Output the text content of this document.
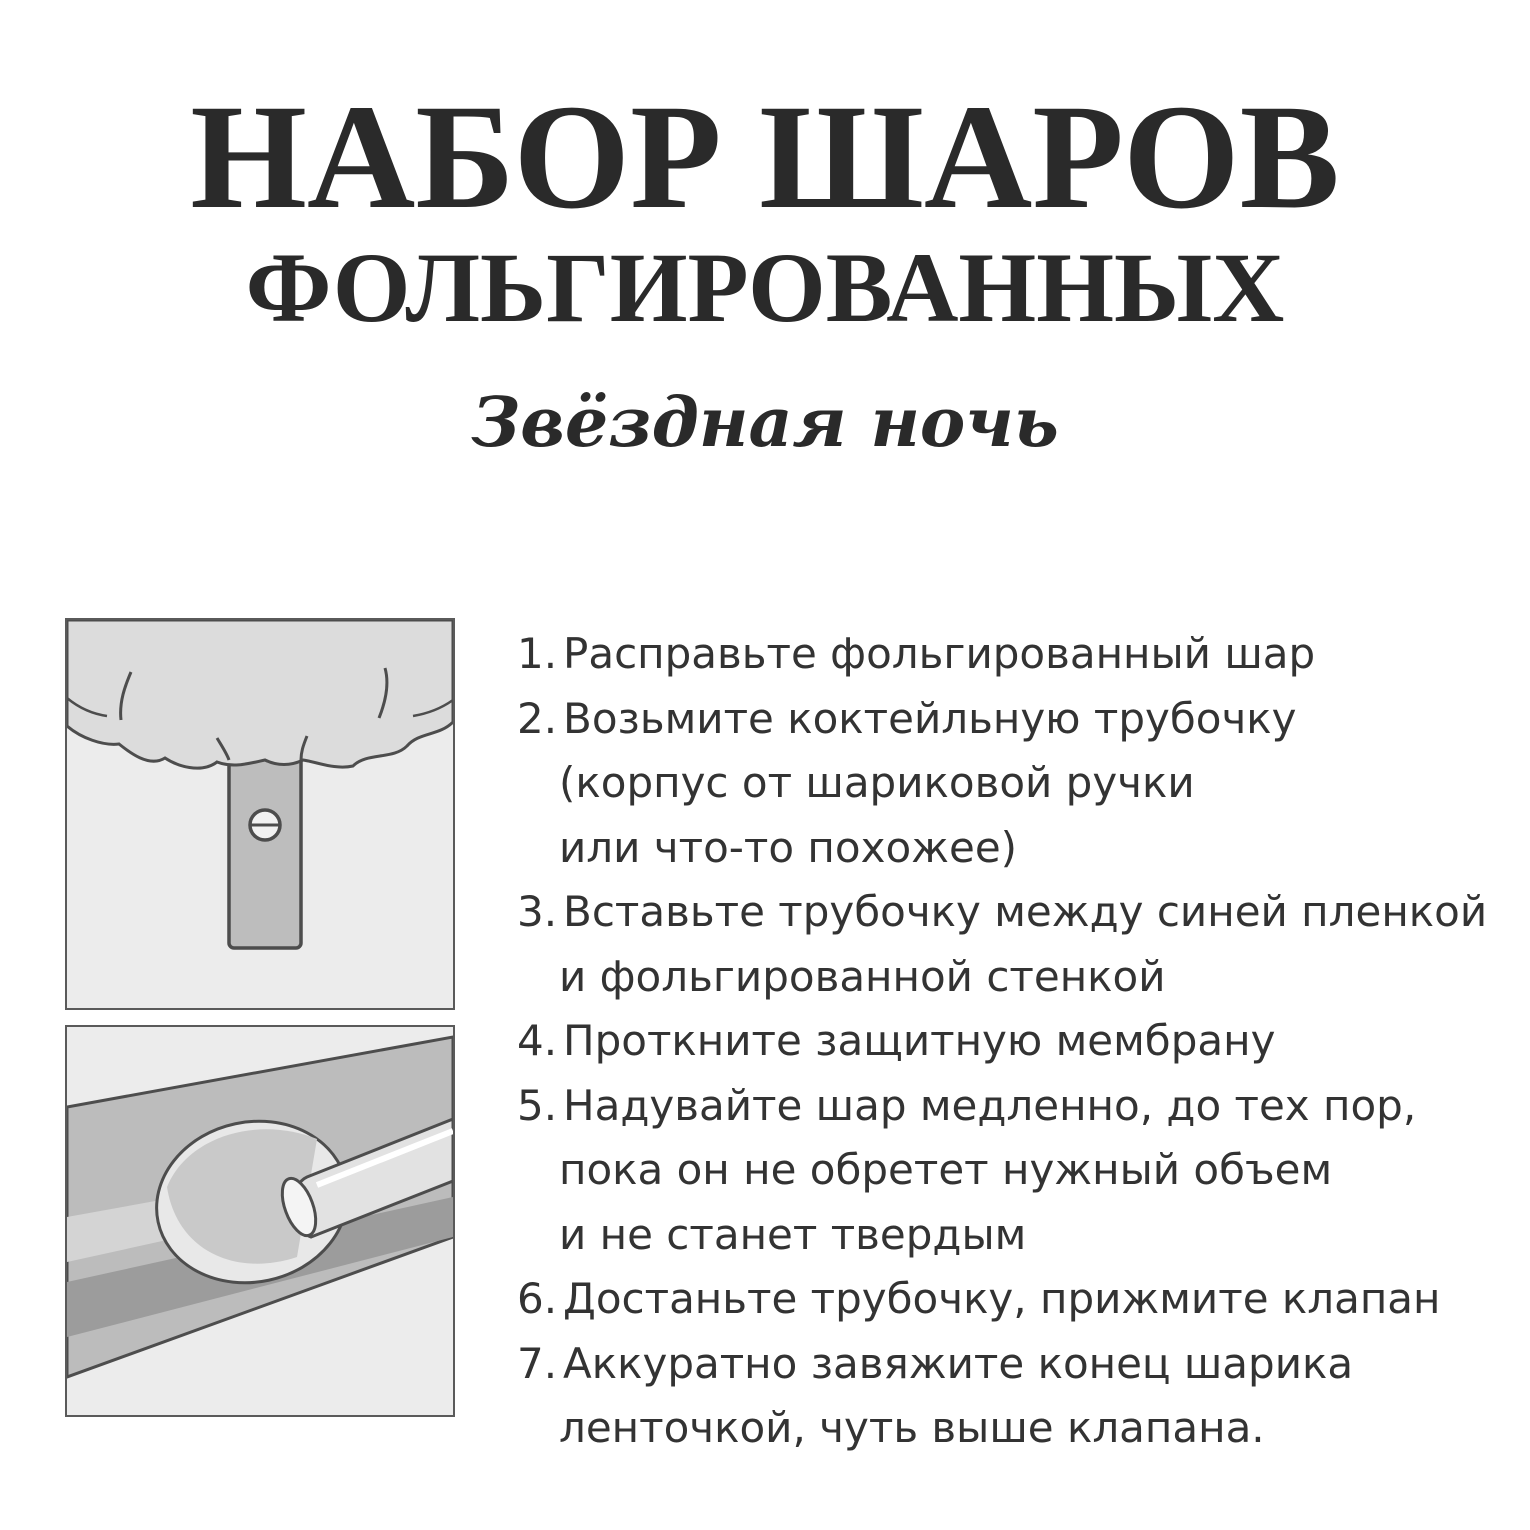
НАБОР ШАРОВ
ФОЛЬГИРОВАННЫХ
Звёздная ночь
1. Расправьте фольгированный шар
2. Возьмите коктейльную трубочку
(корпус от шариковой ручки
или что-то похожее)
3. Вставьте трубочку между синей пленкой
и фольгированной стенкой
4. Проткните защитную мембрану
5. Надувайте шар медленно, до тех пор,
пока он не обретет нужный объем
и не станет твердым
6. Достаньте трубочку, прижмите клапан
7. Аккуратно завяжите конец шарика
ленточкой, чуть выше клапана.
